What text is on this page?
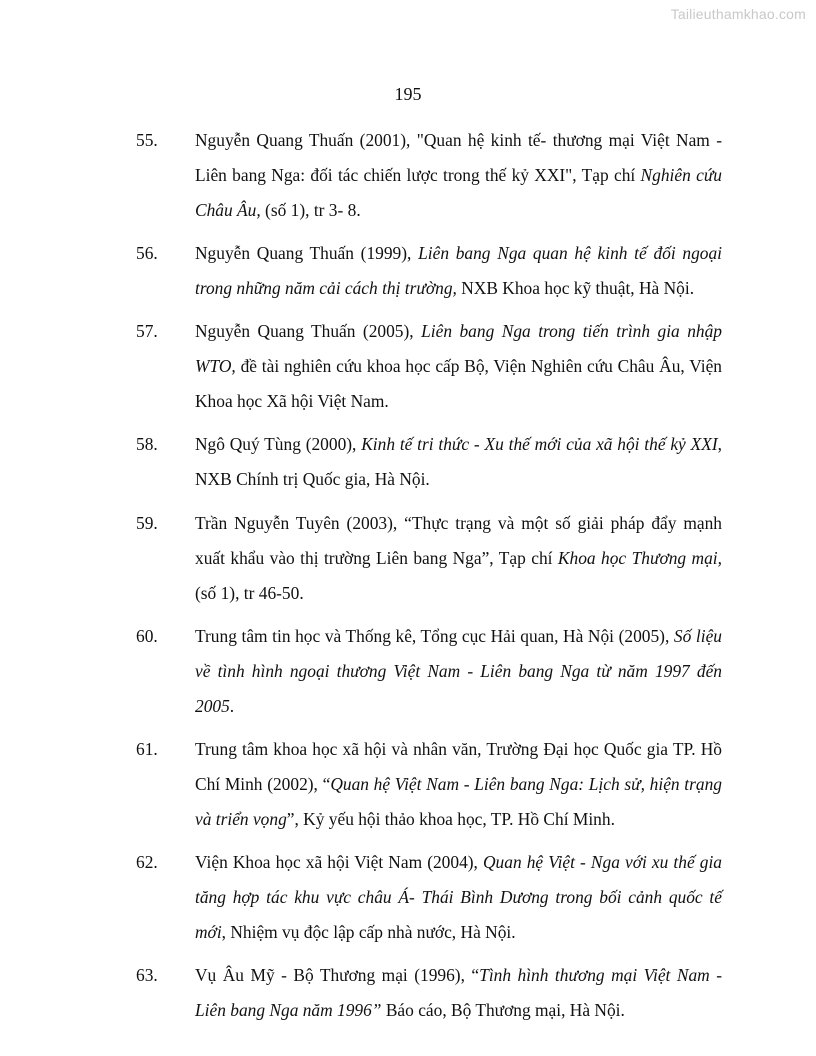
Tailieuthamkhao.com
195
55. Nguyễn Quang Thuấn (2001), "Quan hệ kinh tế- thương mại Việt Nam - Liên bang Nga: đối tác chiến lược trong thế kỷ XXI", Tạp chí Nghiên cứu Châu Âu, (số 1), tr 3- 8.
56. Nguyễn Quang Thuấn (1999), Liên bang Nga quan hệ kinh tế đối ngoại trong những năm cải cách thị trường, NXB Khoa học kỹ thuật, Hà Nội.
57. Nguyễn Quang Thuấn (2005), Liên bang Nga trong tiến trình gia nhập WTO, đề tài nghiên cứu khoa học cấp Bộ, Viện Nghiên cứu Châu Âu, Viện Khoa học Xã hội Việt Nam.
58. Ngô Quý Tùng (2000), Kinh tế tri thức - Xu thế mới của xã hội thế kỷ XXI, NXB Chính trị Quốc gia, Hà Nội.
59. Trần Nguyễn Tuyên (2003), “Thực trạng và một số giải pháp đẩy mạnh xuất khẩu vào thị trường Liên bang Nga”, Tạp chí Khoa học Thương mại, (số 1), tr 46-50.
60. Trung tâm tin học và Thống kê, Tổng cục Hải quan, Hà Nội (2005), Số liệu về tình hình ngoại thương Việt Nam - Liên bang Nga từ năm 1997 đến 2005.
61. Trung tâm khoa học xã hội và nhân văn, Trường Đại học Quốc gia TP. Hồ Chí Minh (2002), “Quan hệ Việt Nam - Liên bang Nga: Lịch sử, hiện trạng và triển vọng”, Kỷ yếu hội thảo khoa học, TP. Hồ Chí Minh.
62. Viện Khoa học xã hội Việt Nam (2004), Quan hệ Việt - Nga với xu thế gia tăng hợp tác khu vực châu Á- Thái Bình Dương trong bối cảnh quốc tế mới, Nhiệm vụ độc lập cấp nhà nước, Hà Nội.
63. Vụ Âu Mỹ - Bộ Thương mại (1996), “Tình hình thương mại Việt Nam - Liên bang Nga năm 1996” Báo cáo, Bộ Thương mại, Hà Nội.
